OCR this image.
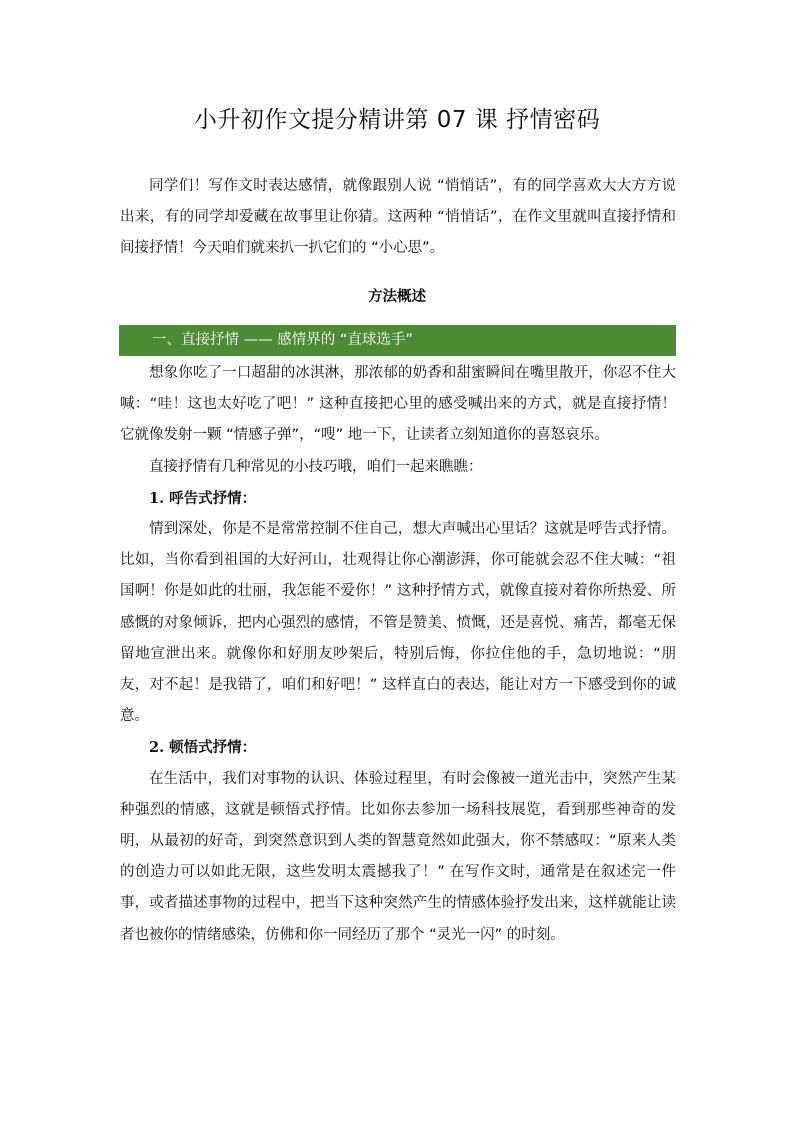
小升初作文提分精讲第 07 课 抒情密码

同学们！写作文时表达感情，就像跟别人说 “悄悄话”，有的同学喜欢大大方方说出来，有的同学却爱藏在故事里让你猜。这两种 “悄悄话”，在作文里就叫直接抒情和间接抒情！今天咱们就来扒一扒它们的 “小心思”。

方法概述
一、直接抒情 —— 感情界的 “直球选手”

想象你吃了一口超甜的冰淇淋，那浓郁的奶香和甜蜜瞬间在嘴里散开，你忍不住大喊：“哇！这也太好吃了吧！” 这种直接把心里的感受喊出来的方式，就是直接抒情！它就像发射一颗 “情感子弹”，“嗖” 地一下，让读者立刻知道你的喜怒哀乐。

直接抒情有几种常见的小技巧哦，咱们一起来瞧瞧：

1. 呼告式抒情：

情到深处，你是不是常常控制不住自己，想大声喊出心里话？这就是呼告式抒情。比如，当你看到祖国的大好河山，壮观得让你心潮澎湃，你可能就会忍不住大喊：“祖国啊！你是如此的壮丽，我怎能不爱你！” 这种抒情方式，就像直接对着你所热爱、所感慨的对象倾诉，把内心强烈的感情，不管是赞美、愤慨，还是喜悦、痛苦，都毫无保留地宣泄出来。就像你和好朋友吵架后，特别后悔，你拉住他的手，急切地说：“朋友，对不起！是我错了，咱们和好吧！” 这样直白的表达，能让对方一下感受到你的诚意。

2. 顿悟式抒情：

在生活中，我们对事物的认识、体验过程里，有时会像被一道光击中，突然产生某种强烈的情感，这就是顿悟式抒情。比如你去参加一场科技展览，看到那些神奇的发明，从最初的好奇，到突然意识到人类的智慧竟然如此强大，你不禁感叹：“原来人类的创造力可以如此无限，这些发明太震撼我了！” 在写作文时，通常是在叙述完一件事，或者描述事物的过程中，把当下这种突然产生的情感体验抒发出来，这样就能让读者也被你的情绪感染，仿佛和你一同经历了那个 “灵光一闪” 的时刻。
